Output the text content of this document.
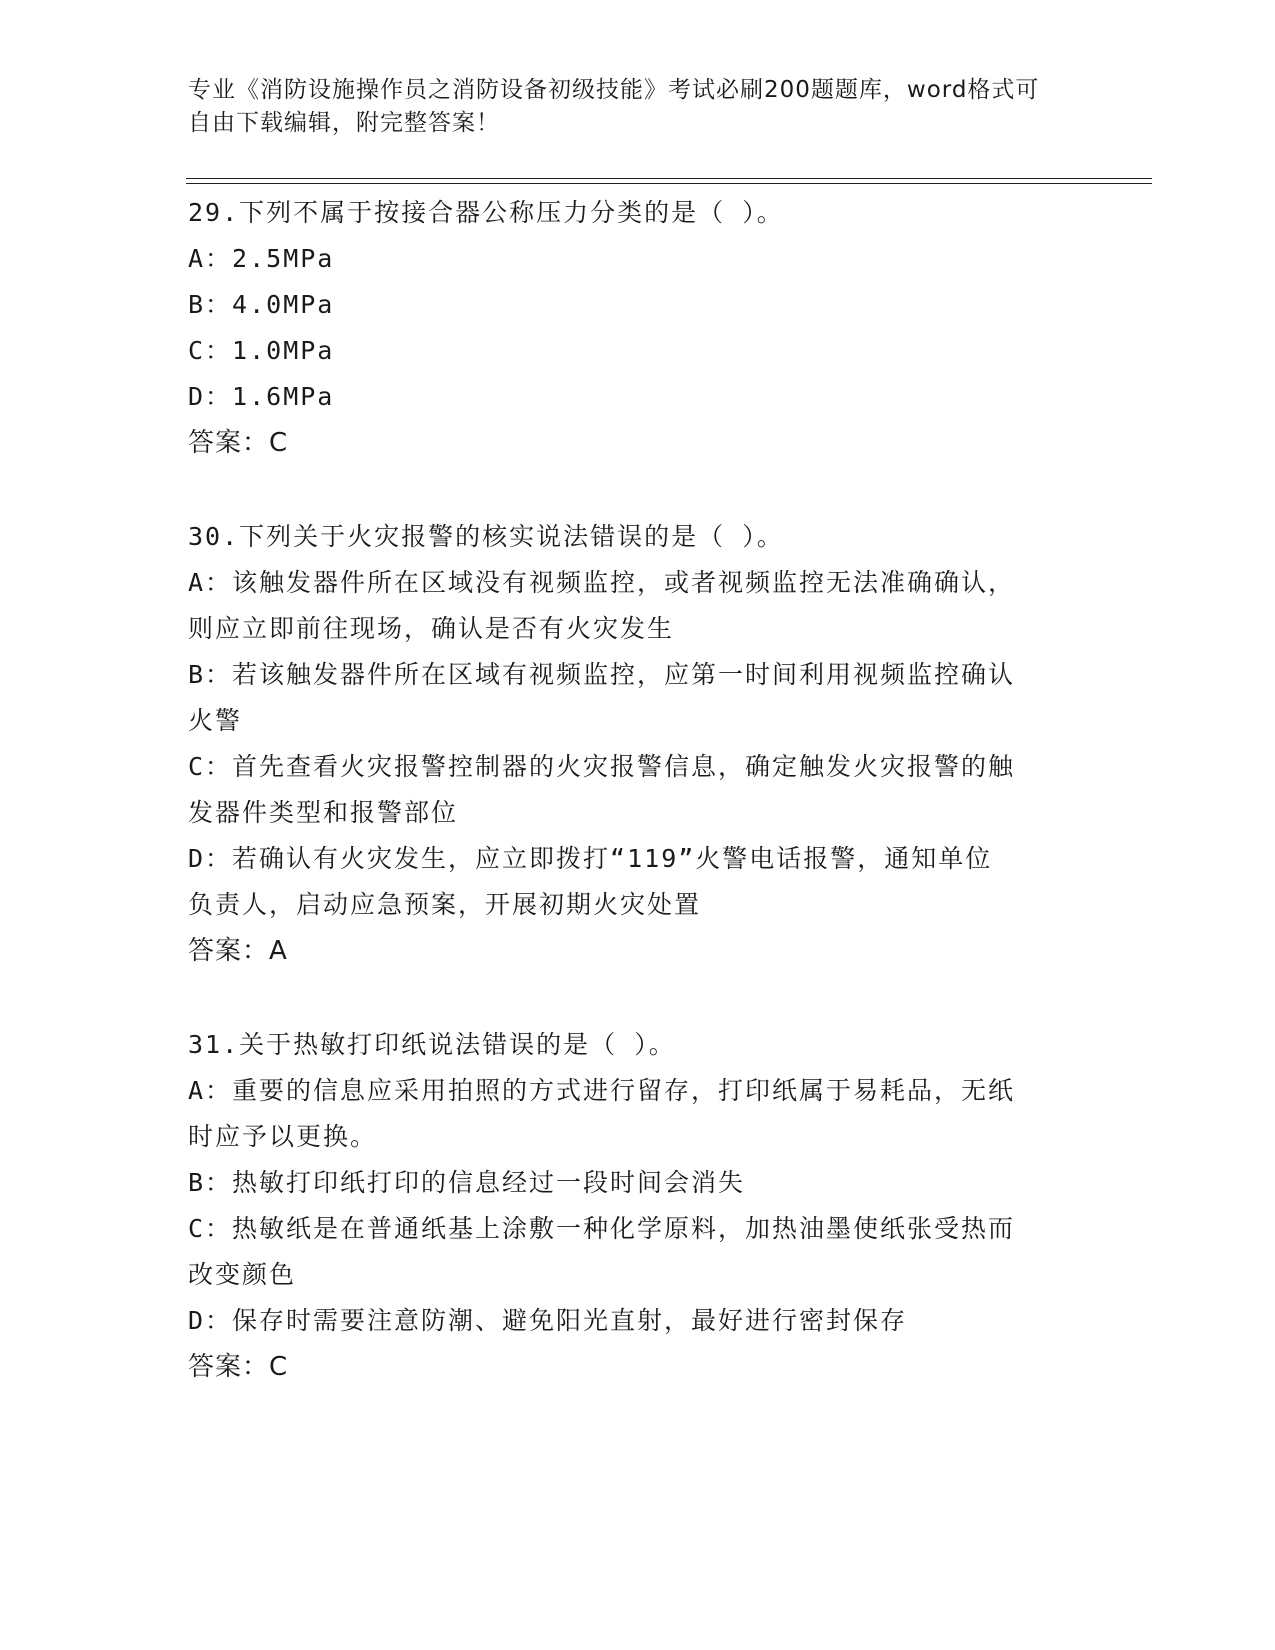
专业《消防设施操作员之消防设备初级技能》考试必刷200题题库，word格式可
自由下载编辑，附完整答案！
29.下列不属于按接合器公称压力分类的是（ ）。
A：2.5MPa
B：4.0MPa
C：1.0MPa
D：1.6MPa
答案：C
30.下列关于火灾报警的核实说法错误的是（ ）。
A：该触发器件所在区域没有视频监控，或者视频监控无法准确确认，
则应立即前往现场，确认是否有火灾发生
B：若该触发器件所在区域有视频监控，应第一时间利用视频监控确认
火警
C：首先查看火灾报警控制器的火灾报警信息，确定触发火灾报警的触
发器件类型和报警部位
D：若确认有火灾发生，应立即拨打“119”火警电话报警，通知单位
负责人，启动应急预案，开展初期火灾处置
答案：A
31.关于热敏打印纸说法错误的是（ ）。
A：重要的信息应采用拍照的方式进行留存，打印纸属于易耗品，无纸
时应予以更换。
B：热敏打印纸打印的信息经过一段时间会消失
C：热敏纸是在普通纸基上涂敷一种化学原料，加热油墨使纸张受热而
改变颜色
D：保存时需要注意防潮、避免阳光直射，最好进行密封保存
答案：C
